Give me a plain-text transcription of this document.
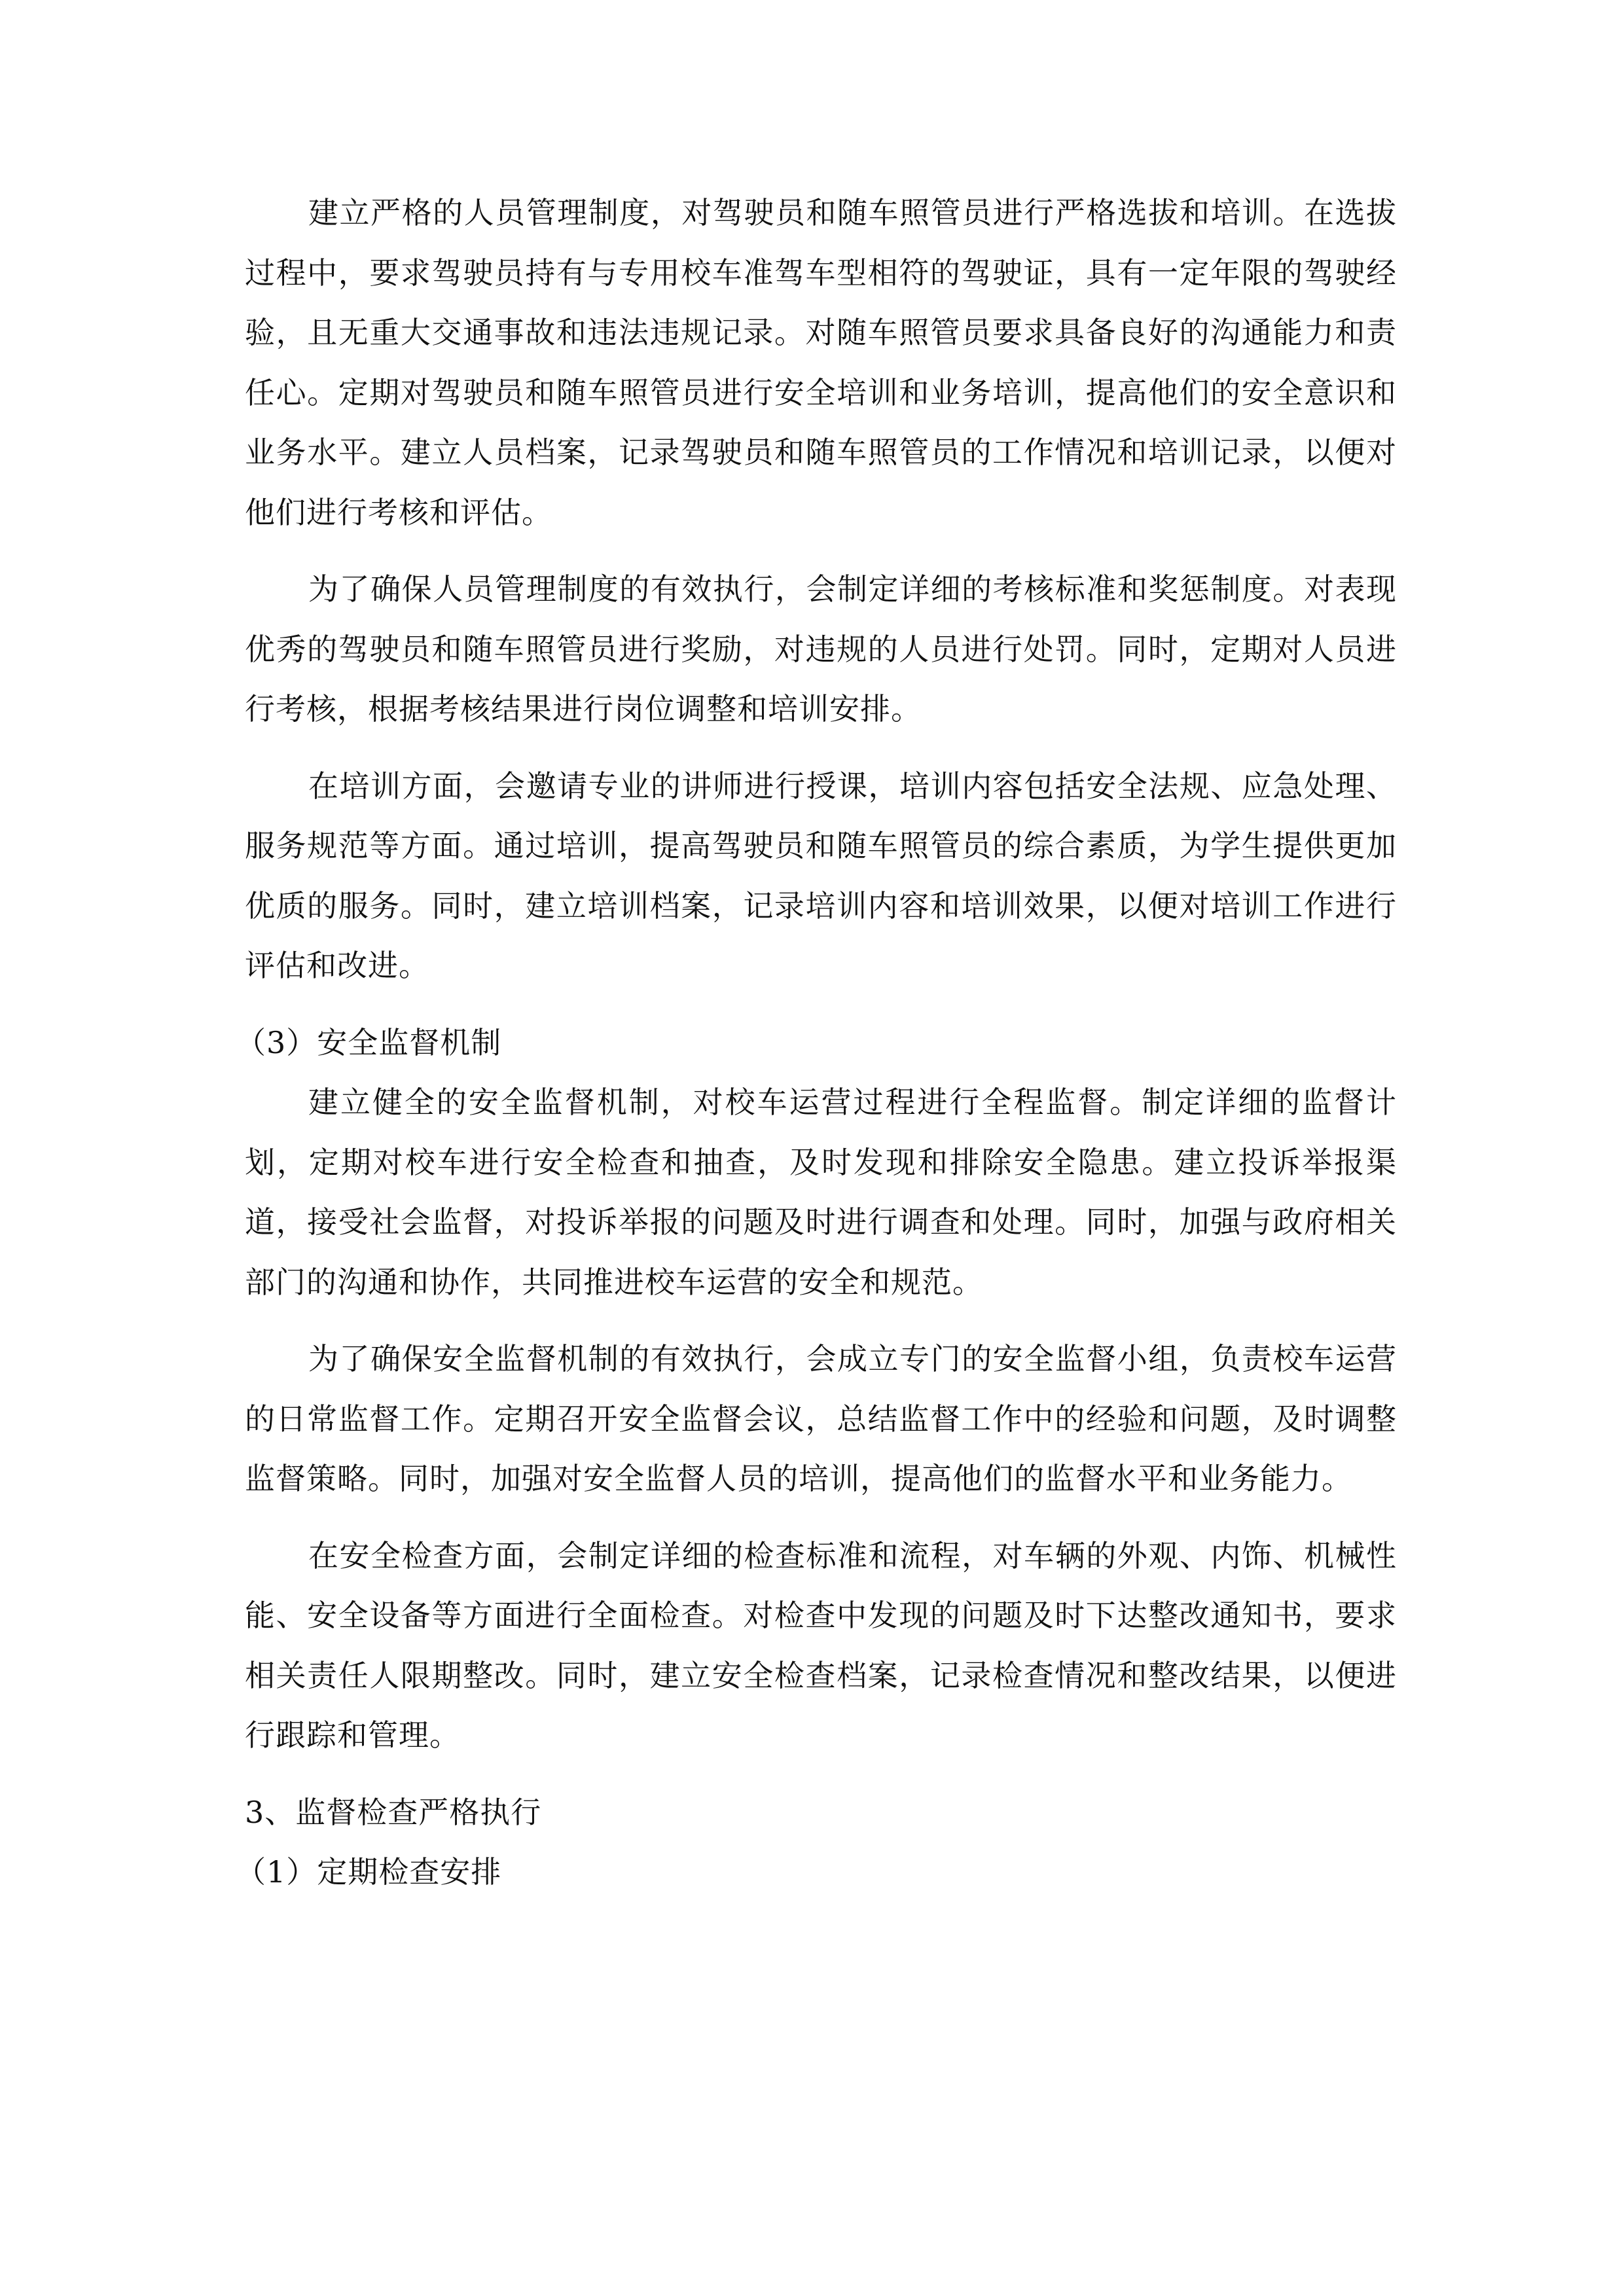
建立严格的人员管理制度，对驾驶员和随车照管员进行严格选拔和培训。在选拔过程中，要求驾驶员持有与专用校车准驾车型相符的驾驶证，具有一定年限的驾驶经验，且无重大交通事故和违法违规记录。对随车照管员要求具备良好的沟通能力和责任心。定期对驾驶员和随车照管员进行安全培训和业务培训，提高他们的安全意识和业务水平。建立人员档案，记录驾驶员和随车照管员的工作情况和培训记录，以便对他们进行考核和评估。

为了确保人员管理制度的有效执行，会制定详细的考核标准和奖惩制度。对表现优秀的驾驶员和随车照管员进行奖励，对违规的人员进行处罚。同时，定期对人员进行考核，根据考核结果进行岗位调整和培训安排。

在培训方面，会邀请专业的讲师进行授课，培训内容包括安全法规、应急处理、服务规范等方面。通过培训，提高驾驶员和随车照管员的综合素质，为学生提供更加优质的服务。同时，建立培训档案，记录培训内容和培训效果，以便对培训工作进行评估和改进。

（3）安全监督机制

建立健全的安全监督机制，对校车运营过程进行全程监督。制定详细的监督计划，定期对校车进行安全检查和抽查，及时发现和排除安全隐患。建立投诉举报渠道，接受社会监督，对投诉举报的问题及时进行调查和处理。同时，加强与政府相关部门的沟通和协作，共同推进校车运营的安全和规范。

为了确保安全监督机制的有效执行，会成立专门的安全监督小组，负责校车运营的日常监督工作。定期召开安全监督会议，总结监督工作中的经验和问题，及时调整监督策略。同时，加强对安全监督人员的培训，提高他们的监督水平和业务能力。

在安全检查方面，会制定详细的检查标准和流程，对车辆的外观、内饰、机械性能、安全设备等方面进行全面检查。对检查中发现的问题及时下达整改通知书，要求相关责任人限期整改。同时，建立安全检查档案，记录检查情况和整改结果，以便进行跟踪和管理。

3、监督检查严格执行

（1）定期检查安排
